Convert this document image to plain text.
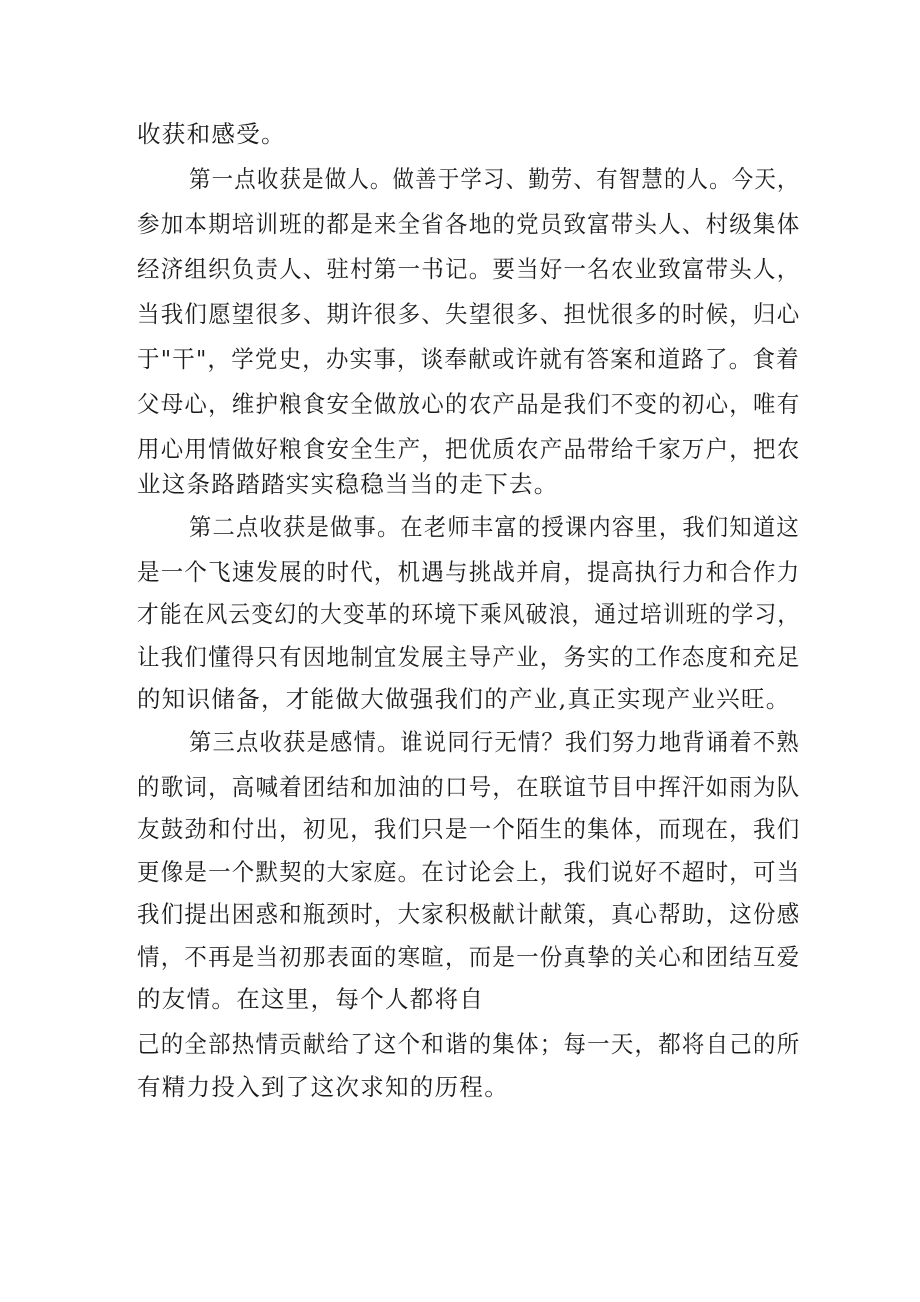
收获和感受。
第一点收获是做人。做善于学习、勤劳、有智慧的人。今天，
参加本期培训班的都是来全省各地的党员致富带头人、村级集体
经济组织负责人、驻村第一书记。要当好一名农业致富带头人，
当我们愿望很多、期许很多、失望很多、担忧很多的时候，归心
于"干"，学党史，办实事，谈奉献或许就有答案和道路了。食着
父母心，维护粮食安全做放心的农产品是我们不变的初心，唯有
用心用情做好粮食安全生产，把优质农产品带给千家万户，把农
业这条路踏踏实实稳稳当当的走下去。
第二点收获是做事。在老师丰富的授课内容里，我们知道这
是一个飞速发展的时代，机遇与挑战并肩，提高执行力和合作力
才能在风云变幻的大变革的环境下乘风破浪，通过培训班的学习，
让我们懂得只有因地制宜发展主导产业，务实的工作态度和充足
的知识储备，才能做大做强我们的产业,真正实现产业兴旺。
第三点收获是感情。谁说同行无情？我们努力地背诵着不熟
的歌词，高喊着团结和加油的口号，在联谊节目中挥汗如雨为队
友鼓劲和付出，初见，我们只是一个陌生的集体，而现在，我们
更像是一个默契的大家庭。在讨论会上，我们说好不超时，可当
我们提出困惑和瓶颈时，大家积极献计献策，真心帮助，这份感
情，不再是当初那表面的寒暄，而是一份真挚的关心和团结互爱
的友情。在这里，每个人都将自
己的全部热情贡献给了这个和谐的集体；每一天，都将自己的所
有精力投入到了这次求知的历程。
